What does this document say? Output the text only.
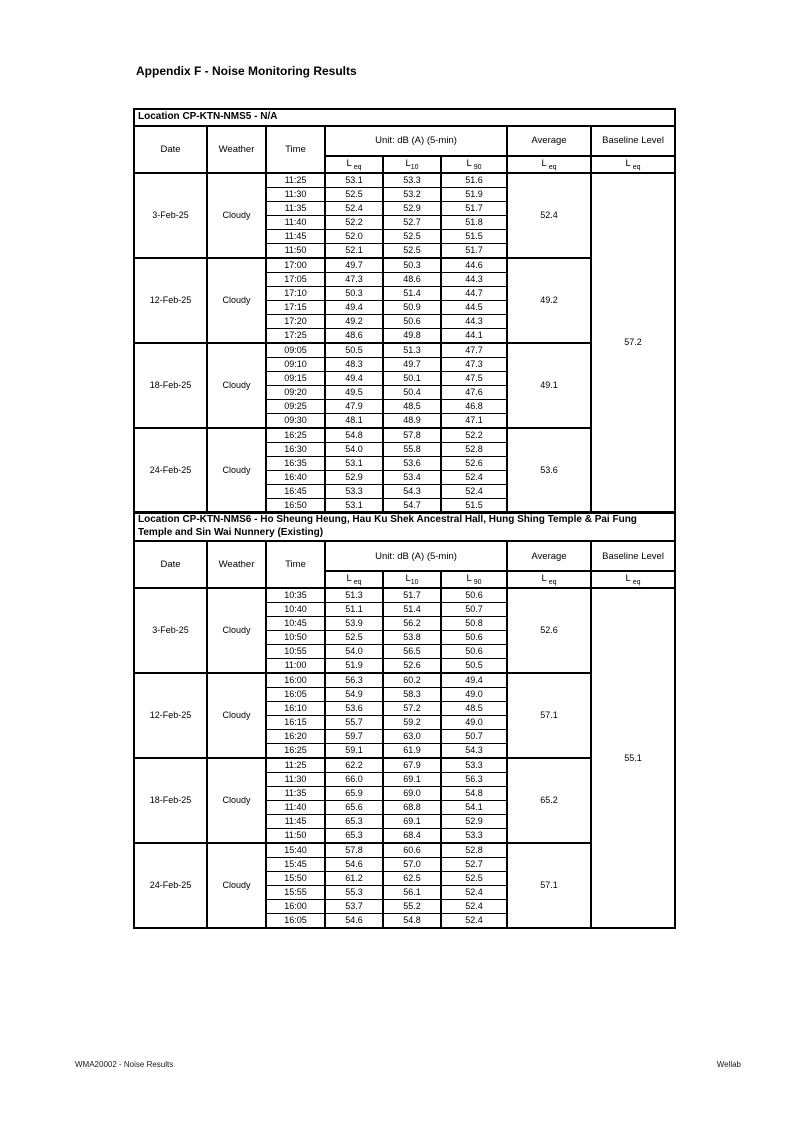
Appendix F - Noise Monitoring Results
Location CP-KTN-NMS5 - N/A							
Date	Weather	Time	Unit: dB (A) (5-min)			Average	Baseline Level
			L  $_{eq}$	$L_{10}$	L  $_{90}$	L  $_{eq}$	L  $_{eq}$
3-Feb-25	Cloudy	11:25	53.1	53.3	51.6	52.4	57.2
		11:30	52.5	53.2	51.9		
		11:35	52.4	52.9	51.7		
		11:40	52.2	52.7	51.8		
		11:45	52.0	52.5	51.5		
		11:50	52.1	52.5	51.7		
12-Feb-25	Cloudy	17:00	49.7	50.3	44.6	49.2	
		17:05	47.3	48.6	44.3		
		17:10	50.3	51.4	44.7		
		17:15	49.4	50.9	44.5		
		17:20	49.2	50.6	44.3		
		17:25	48.6	49.8	44.1		
18-Feb-25	Cloudy	09:05	50.5	51.3	47.7	49.1	
		09:10	48.3	49.7	47.3		
		09:15	49.4	50.1	47.5		
		09:20	49.5	50.4	47.6		
		09:25	47.9	48.5	46.8		
		09:30	48.1	48.9	47.1		
24-Feb-25	Cloudy	16:25	54.8	57.8	52.2	53.6	
		16:30	54.0	55.8	52.8		
		16:35	53.1	53.6	52.6		
		16:40	52.9	53.4	52.4		
		16:45	53.3	54.3	52.4		
		16:50	53.1	54.7	51.5		
Location CP-KTN-NMS6 - Ho Sheung Heung, Hau Ku Shek Ancestral Hall, Hung Shing Temple & Pai Fung Temple and Sin Wai Nunnery (Existing)							
Date	Weather	Time	Unit: dB (A) (5-min)			Average	Baseline Level
			L  $_{eq}$	$L_{10}$	L  $_{90}$	L  $_{eq}$	L  $_{eq}$
3-Feb-25	Cloudy	10:35	51.3	51.7	50.6	52.6	55.1
		10:40	51.1	51.4	50.7		
		10:45	53.9	56.2	50.8		
		10:50	52.5	53.8	50.6		
		10:55	54.0	56.5	50.6		
		11:00	51.9	52.6	50.5		
12-Feb-25	Cloudy	16:00	56.3	60.2	49.4	57.1	
		16:05	54.9	58.3	49.0		
		16:10	53.6	57.2	48.5		
		16:15	55.7	59.2	49.0		
		16:20	59.7	63.0	50.7		
		16:25	59.1	61.9	54.3		
18-Feb-25	Cloudy	11:25	62.2	67.9	53.3	65.2	
		11:30	66.0	69.1	56.3		
		11:35	65.9	69.0	54.8		
		11:40	65.6	68.8	54.1		
		11:45	65.3	69.1	52.9		
		11:50	65.3	68.4	53.3		
24-Feb-25	Cloudy	15:40	57.8	60.6	52.8	57.1	
		15:45	54.6	57.0	52.7		
		15:50	61.2	62.5	52.5		
		15:55	55.3	56.1	52.4		
		16:00	53.7	55.2	52.4		
		16:05	54.6	54.8	52.4		
WMA20002 - Noise Results	Wellab
